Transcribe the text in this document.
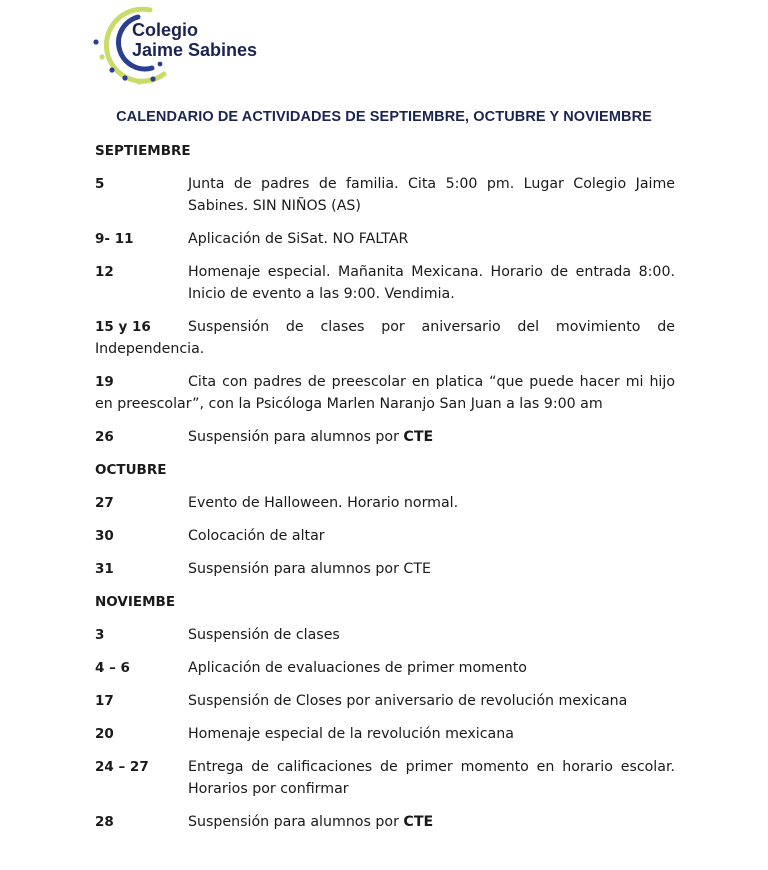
Colegio
Jaime Sabines
CALENDARIO DE ACTIVIDADES DE SEPTIEMBRE, OCTUBRE Y NOVIEMBRE
SEPTIEMBRE
5	Junta de padres de familia. Cita 5:00 pm. Lugar Colegio Jaime Sabines. SIN NIÑOS (AS)
9- 11	Aplicación de SiSat. NO FALTAR
12	Homenaje especial. Mañanita Mexicana. Horario de entrada 8:00. Inicio de evento a las 9:00. Vendimia.
15 y 16	Suspensión de clases por aniversario del movimiento de Independencia.
19	Cita con padres de preescolar en platica “que puede hacer mi hijo en preescolar”, con la Psicóloga Marlen Naranjo San Juan a las 9:00 am
26	Suspensión para alumnos por CTE
OCTUBRE
27	Evento de Halloween. Horario normal.
30	Colocación de altar
31	Suspensión para alumnos por CTE
NOVIEMBE
3	Suspensión de clases
4 – 6	Aplicación de evaluaciones de primer momento
17	Suspensión de Closes por aniversario de revolución mexicana
20	Homenaje especial de la revolución mexicana
24 – 27	Entrega de calificaciones de primer momento en horario escolar. Horarios por confirmar
28	Suspensión para alumnos por CTE
